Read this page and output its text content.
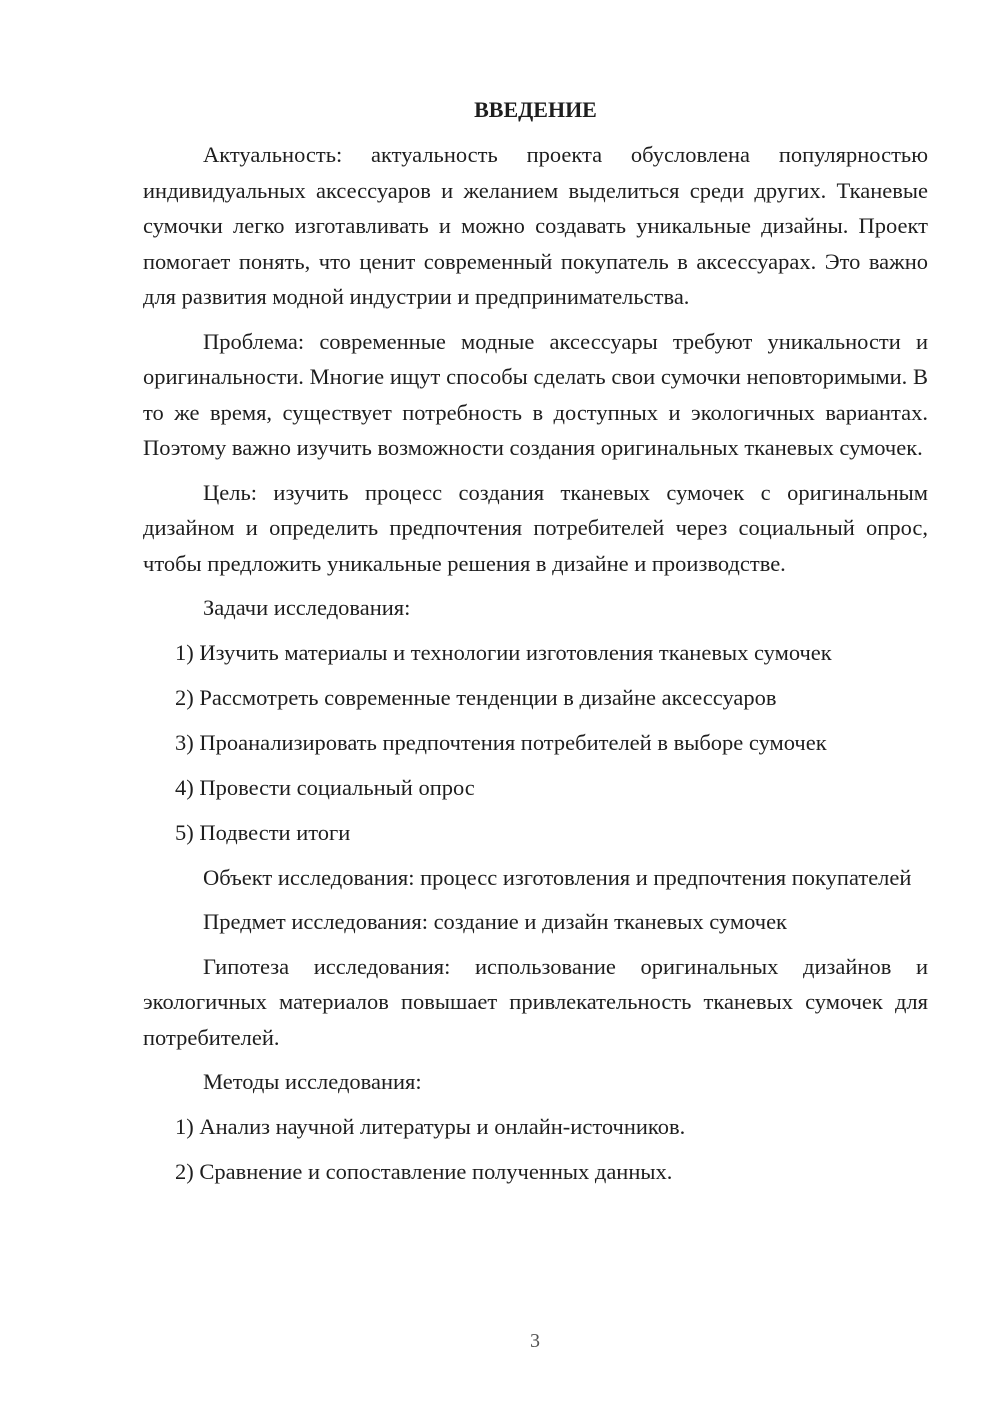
ВВЕДЕНИЕ

Актуальность: актуальность проекта обусловлена популярностью индивидуальных аксессуаров и желанием выделиться среди других. Тканевые сумочки легко изготавливать и можно создавать уникальные дизайны. Проект помогает понять, что ценит современный покупатель в аксессуарах. Это важно для развития модной индустрии и предпринимательства.

Проблема: современные модные аксессуары требуют уникальности и оригинальности. Многие ищут способы сделать свои сумочки неповторимыми. В то же время, существует потребность в доступных и экологичных вариантах. Поэтому важно изучить возможности создания оригинальных тканевых сумочек.

Цель: изучить процесс создания тканевых сумочек с оригинальным дизайном и определить предпочтения потребителей через социальный опрос, чтобы предложить уникальные решения в дизайне и производстве.

Задачи исследования:

1) Изучить материалы и технологии изготовления тканевых сумочек
2) Рассмотреть современные тенденции в дизайне аксессуаров
3) Проанализировать предпочтения потребителей в выборе сумочек
4) Провести социальный опрос
5) Подвести итоги

Объект исследования: процесс изготовления и предпочтения покупателей

Предмет исследования: создание и дизайн тканевых сумочек

Гипотеза исследования: использование оригинальных дизайнов и экологичных материалов повышает привлекательность тканевых сумочек для потребителей.

Методы исследования:

1) Анализ научной литературы и онлайн-источников.
2) Сравнение и сопоставление полученных данных.
3
